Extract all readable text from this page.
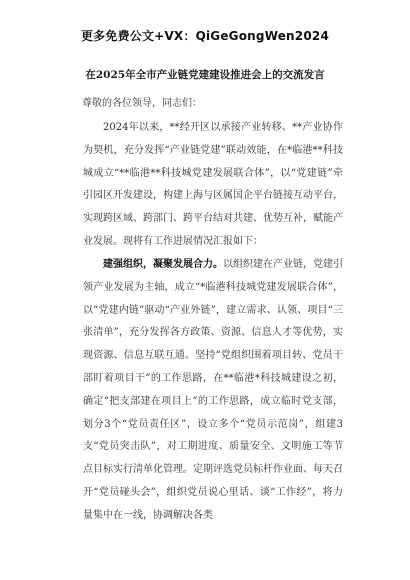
更多免费公文+VX：QiGeGongWen2024
在2025年全市产业链党建建设推进会上的交流发言
尊敬的各位领导，同志们：

2024年以来，**经开区以承接产业转移、**产业协作为契机，充分发挥“产业链党建”联动效能，在*临港**科技城成立“**临港**科技城党建发展联合体”，以“党建链”牵引园区开发建设，构建上海与区属国企平台链接互动平台，实现跨区域、跨部门、跨平台结对共建、优势互补，赋能产业发展。现将有工作进展情况汇报如下：

建强组织，凝聚发展合力。以组织建在产业链，党建引领产业发展为主轴，成立“*临港科技城党建发展联合体”，以“党建内链”驱动“产业外链”，建立需求、认领、项目“三张清单”，充分发挥各方政策、资源、信息人才等优势，实现资源、信息互联互通。坚持“党组织围着项目转、党员干部盯着项目干”的工作思路，在**临港*科技城建设之初，确定“把支部建在项目上”的工作思路，成立临时党支部，划分3个“党员责任区”，设立多个“党员示范岗”，组建3支“党员突击队”，对工期进度、质量安全、文明施工等节点目标实行清单化管理。定期评选党员标杆作业面、每天召开“党员碰头会”，组织党员说心里话、谈“工作经”，将力量集中在一线，协调解决各类
